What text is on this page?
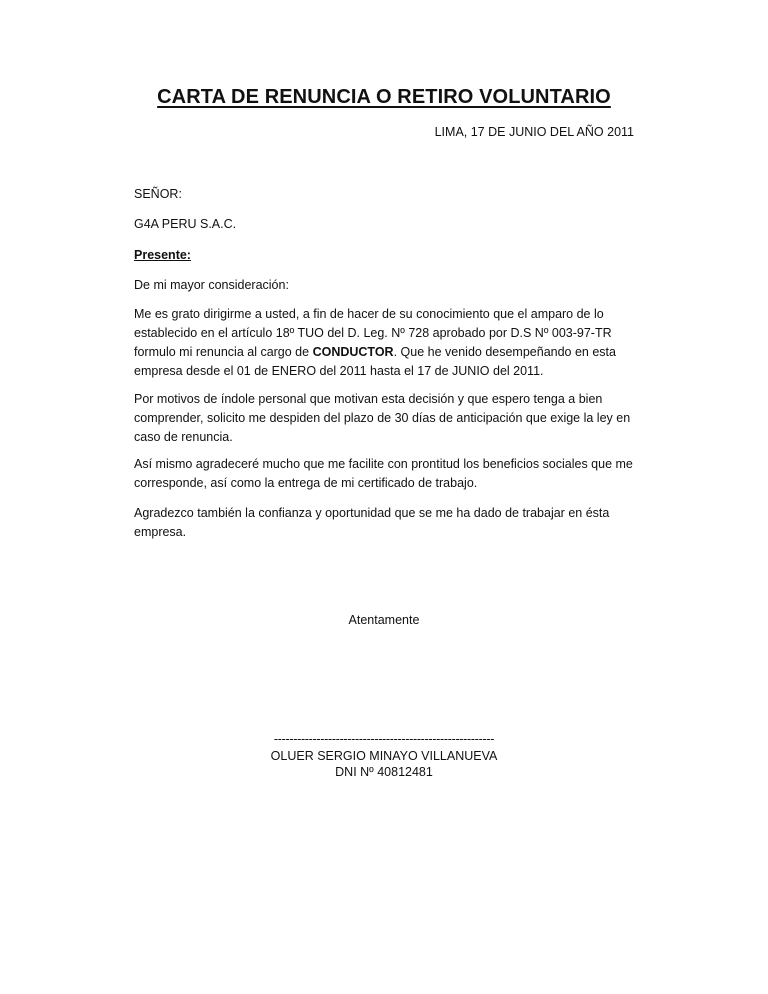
CARTA DE RENUNCIA O RETIRO VOLUNTARIO
LIMA, 17 DE JUNIO DEL AÑO 2011
SEÑOR:
G4A PERU S.A.C.
Presente:
De mi mayor consideración:
Me es grato dirigirme a usted, a fin de hacer de su conocimiento que el amparo de lo establecido en el artículo 18º TUO del D. Leg. Nº 728 aprobado por D.S Nº 003-97-TR formulo mi renuncia al cargo de CONDUCTOR. Que he venido desempeñando en esta empresa desde el 01 de ENERO del 2011 hasta el 17 de JUNIO del 2011.
Por motivos de índole personal que motivan esta decisión y que espero tenga a bien comprender, solicito me despiden del plazo de 30 días de anticipación que exige la ley en caso de renuncia.
Así mismo agradeceré mucho que me facilite con prontitud los beneficios sociales que me corresponde, así como la entrega de mi certificado de trabajo.
Agradezco también la confianza y oportunidad que se me ha dado de trabajar en ésta empresa.
Atentamente
---------------------------------------------------------
OLUER SERGIO MINAYO VILLANUEVA
DNI Nº 40812481
